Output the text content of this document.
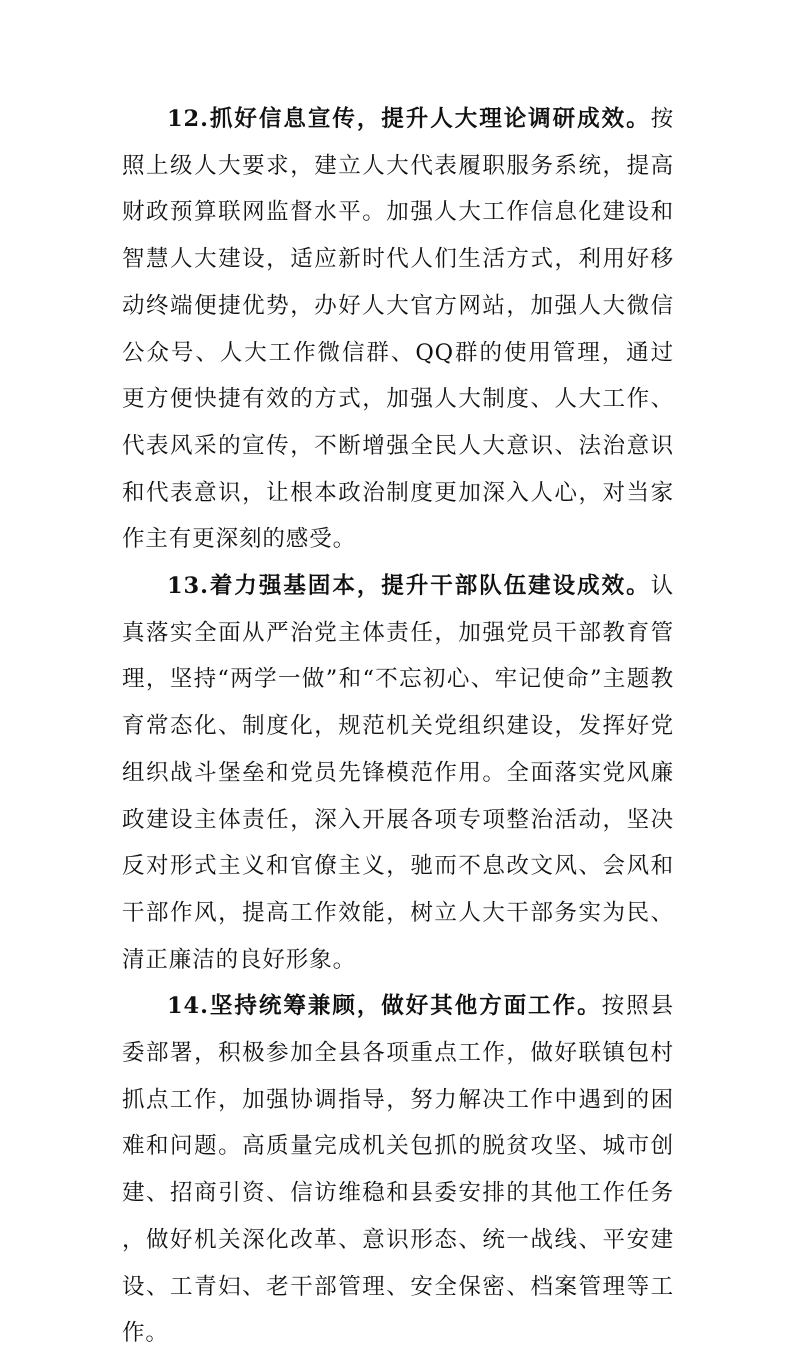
12.抓好信息宣传，提升人大理论调研成效。按照上级人大要求，建立人大代表履职服务系统，提高财政预算联网监督水平。加强人大工作信息化建设和智慧人大建设，适应新时代人们生活方式，利用好移动终端便捷优势，办好人大官方网站，加强人大微信公众号、人大工作微信群、QQ群的使用管理，通过更方便快捷有效的方式，加强人大制度、人大工作、代表风采的宣传，不断增强全民人大意识、法治意识和代表意识，让根本政治制度更加深入人心，对当家作主有更深刻的感受。

13.着力强基固本，提升干部队伍建设成效。认真落实全面从严治党主体责任，加强党员干部教育管理，坚持“两学一做”和“不忘初心、牢记使命”主题教育常态化、制度化，规范机关党组织建设，发挥好党组织战斗堡垒和党员先锋模范作用。全面落实党风廉政建设主体责任，深入开展各项专项整治活动，坚决反对形式主义和官僚主义，驰而不息改文风、会风和干部作风，提高工作效能，树立人大干部务实为民、清正廉洁的良好形象。

14.坚持统筹兼顾，做好其他方面工作。按照县委部署，积极参加全县各项重点工作，做好联镇包村抓点工作，加强协调指导，努力解决工作中遇到的困难和问题。高质量完成机关包抓的脱贫攻坚、城市创建、招商引资、信访维稳和县委安排的其他工作任务，做好机关深化改革、意识形态、统一战线、平安建设、工青妇、老干部管理、安全保密、档案管理等工作。
